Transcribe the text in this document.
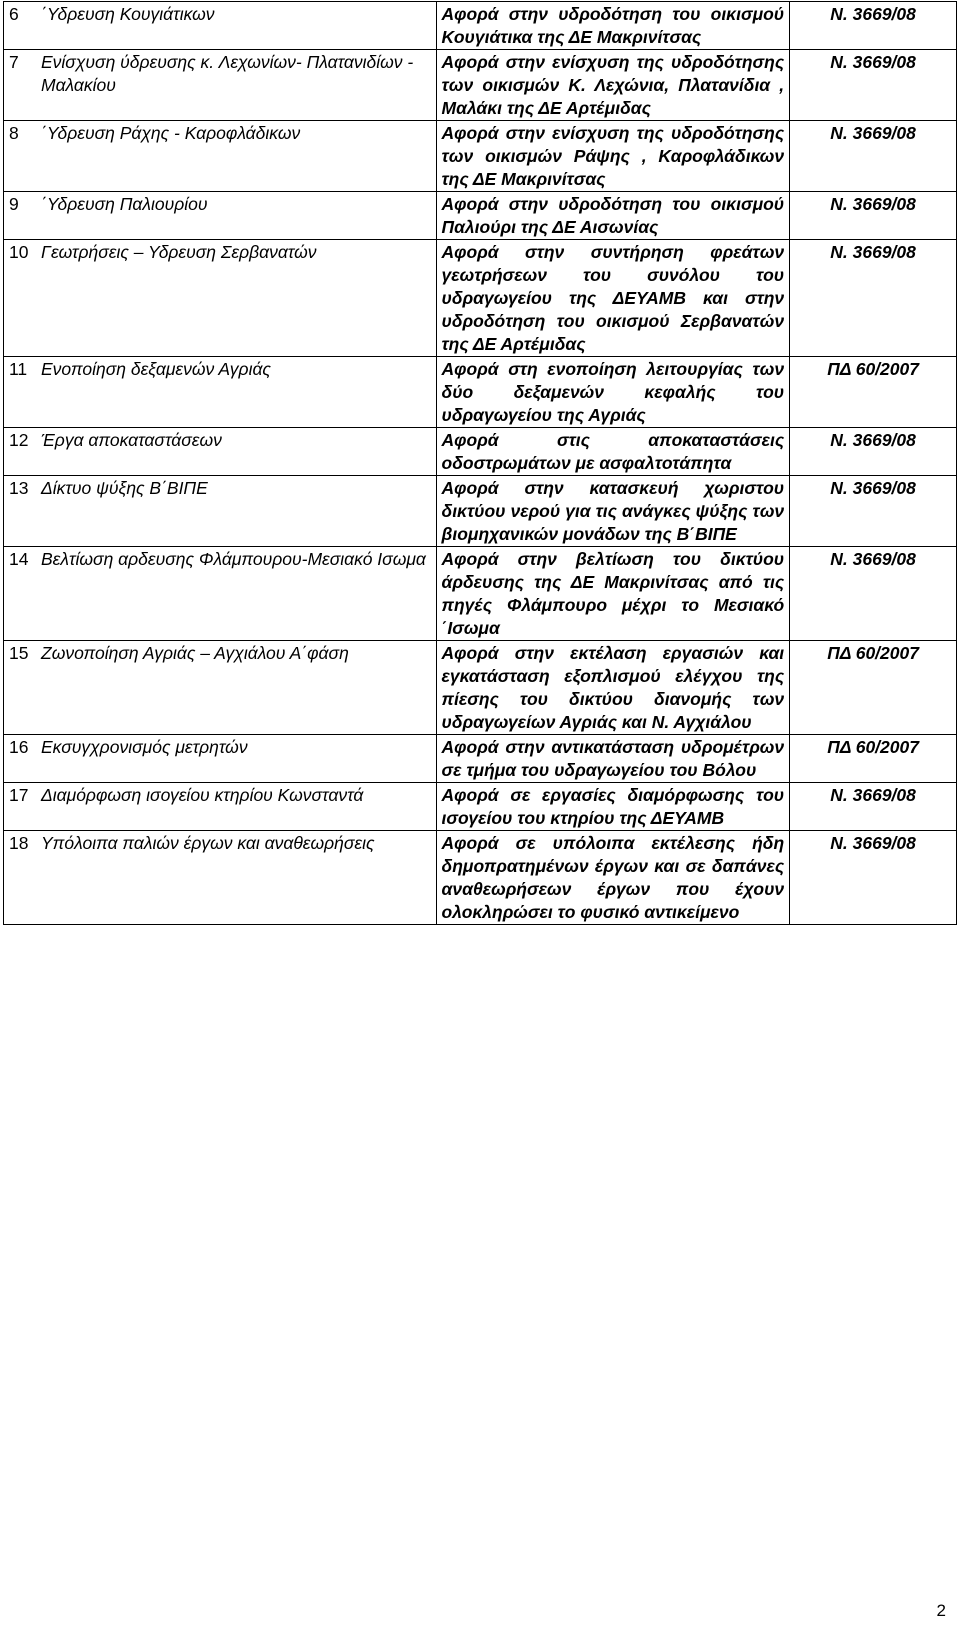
6 ΄Υδρευση Κουγιάτικων	Αφορά στην υδροδότηση του οικισμού Κουγιάτικα της ΔΕ Μακρινίτσας	Ν. 3669/08

7 Ενίσχυση ύδρευσης κ. Λεχωνίων- Πλατανιδίων - Μαλακίου	Αφορά στην ενίσχυση της υδροδότησης των οικισμών Κ. Λεχώνια, Πλατανίδια , Μαλάκι της ΔΕ Αρτέμιδας	Ν. 3669/08

8 ΄Υδρευση Ράχης - Καροφλάδικων	Αφορά στην ενίσχυση της υδροδότησης των οικισμών Ράψης , Καροφλάδικων της ΔΕ Μακρινίτσας	Ν. 3669/08

9 ΄Υδρευση Παλιουρίου	Αφορά στην υδροδότηση του οικισμού Παλιούρι της ΔΕ Αισωνίας	Ν. 3669/08

10 Γεωτρήσεις – Υδρευση Σερβανατών	Αφορά στην συντήρηση φρεάτων γεωτρήσεων του συνόλου του υδραγωγείου της ΔΕΥΑΜΒ και στην υδροδότηση του οικισμού Σερβανατών της ΔΕ Αρτέμιδας	Ν. 3669/08

11 Ενοποίηση δεξαμενών Αγριάς	Αφορά στη ενοποίηση λειτουργίας των δύο δεξαμενών κεφαλής του υδραγωγείου της Αγριάς	ΠΔ 60/2007

12 Έργα αποκαταστάσεων	Αφορά στις αποκαταστάσεις οδοστρωμάτων με ασφαλτοτάπητα	Ν. 3669/08

13 Δίκτυο ψύξης Β΄ΒΙΠΕ	Αφορά στην κατασκευή χωριστου δικτύου νερού για τις ανάγκες ψύξης των βιομηχανικών μονάδων της Β΄ΒΙΠΕ	Ν. 3669/08

14 Βελτίωση αρδευσης Φλάμπουρου-Μεσιακό Ισωμα	Αφορά στην βελτίωση του δικτύου άρδευσης της ΔΕ Μακρινίτσας από τις πηγές Φλάμπουρο μέχρι το Μεσιακό ΄Ισωμα	Ν. 3669/08

15 Ζωνοποίηση Αγριάς – Αγχιάλου Α΄φάση	Αφορά στην εκτέλαση εργασιών και εγκατάσταση εξοπλισμού ελέγχου της πίεσης του δικτύου διανομής των υδραγωγείων Αγριάς και Ν. Αγχιάλου	ΠΔ 60/2007

16 Εκσυγχρονισμός μετρητών	Αφορά στην αντικατάσταση υδρομέτρων σε τμήμα του υδραγωγείου του Βόλου	ΠΔ 60/2007

17 Διαμόρφωση ισογείου κτηρίου Κωνσταντά	Αφορά σε εργασίες διαμόρφωσης του ισογείου του κτηρίου της ΔΕΥΑΜΒ	Ν. 3669/08

18 Υπόλοιπα παλιών έργων και αναθεωρήσεις	Αφορά σε υπόλοιπα εκτέλεσης ήδη δημοπρατημένων έργων και σε δαπάνες αναθεωρήσεων έργων που έχουν ολοκληρώσει το φυσικό αντικείμενο	Ν. 3669/08
2
